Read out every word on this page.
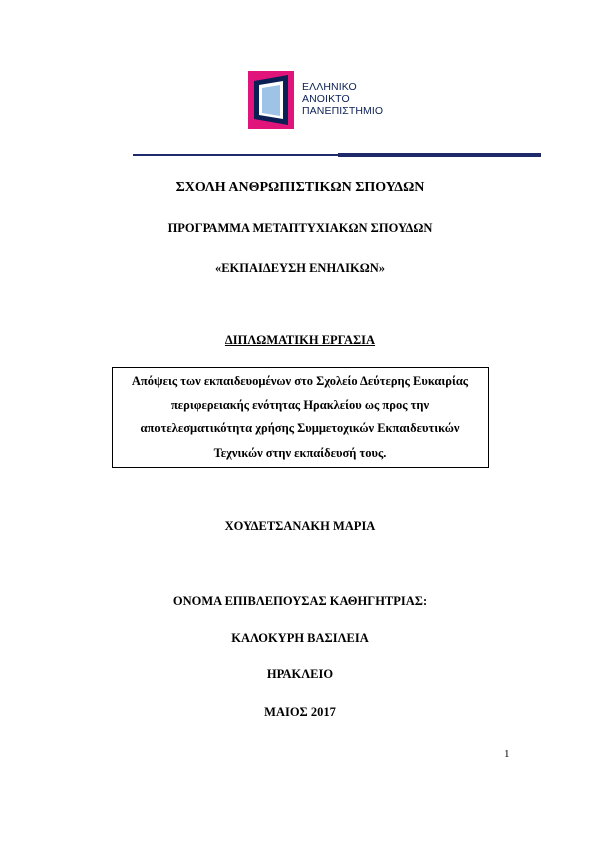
ΕΛΛΗΝΙΚΟ
ΑΝΟΙΚΤΟ
ΠΑΝΕΠΙΣΤΗΜΙΟ
ΣΧΟΛΗ ΑΝΘΡΩΠΙΣΤΙΚΩΝ ΣΠΟΥΔΩΝ
ΠΡΟΓΡΑΜΜΑ ΜΕΤΑΠΤΥΧΙΑΚΩΝ ΣΠΟΥΔΩΝ
«ΕΚΠΑΙΔΕΥΣΗ ΕΝΗΛΙΚΩΝ»
ΔΙΠΛΩΜΑΤΙΚΗ ΕΡΓΑΣΙΑ
Απόψεις των εκπαιδευομένων στο Σχολείο Δεύτερης Ευκαιρίας
περιφερειακής ενότητας Ηρακλείου ως προς την
αποτελεσματικότητα χρήσης Συμμετοχικών Εκπαιδευτικών
Τεχνικών στην εκπαίδευσή τους.
ΧΟΥΔΕΤΣΑΝΑΚΗ ΜΑΡΙΑ
ΟΝΟΜΑ ΕΠΙΒΛΕΠΟΥΣΑΣ ΚΑΘΗΓΗΤΡΙΑΣ:
ΚΑΛΟΚΥΡΗ ΒΑΣΙΛΕΙΑ
ΗΡΑΚΛΕΙΟ
ΜΑΙΟΣ 2017
1
